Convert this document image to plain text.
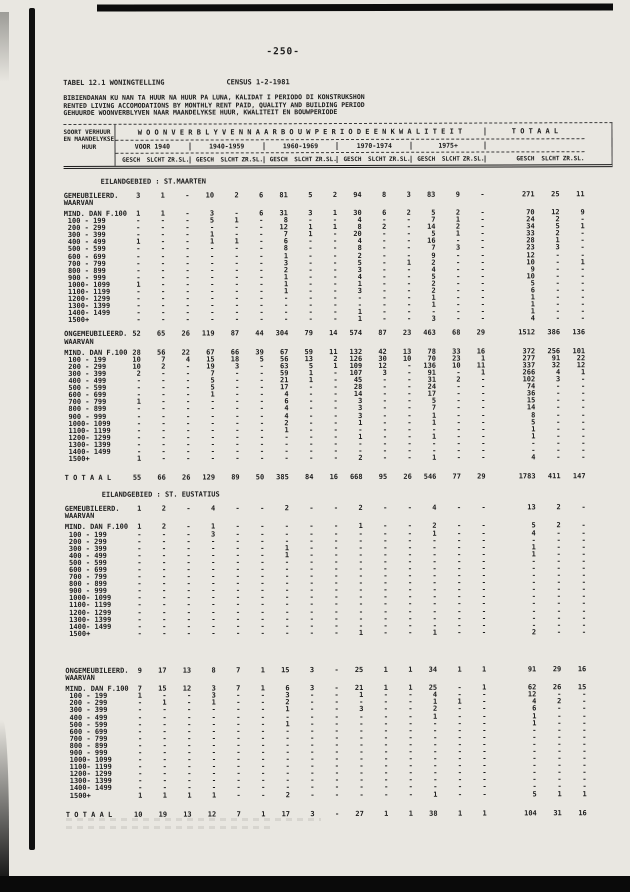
-250-
TABEL 12.1 WONINGTELLING	CENSUS 1-2-1981
BIBIENDANAN KU NAN TA HUUR NA HUUR PA LUNA, KALIDAT I PERIODO DI KONSTRUKSHON
RENTED LIVING ACCOMODATIONS BY MONTHLY RENT PAID, QUALITY AND BUILDING PERIOD
GEHUURDE WOONVERBLYVEN NAAR MAANDELYKSE HUUR, KWALITEIT EN BOUWPERIODE
SOORT VERHUUR
EN MAANDELYKSE
HUUR
W O O N V E R B L Y V E N N A A R B O U W P E R I O D E E N K W A L I T E I T	T O T A A L
VOOR 1940	1940-1959	1960-1969	1970-1974	1975+
GESCH	SLCHT ZR.SL.	GESCH	SLCHT ZR.SL.	GESCH	SLCHT ZR.SL.	GESCH	SLCHT ZR.SL.	GESCH	SLCHT ZR.SL.	GESCH	SLCHT ZR.SL.
EILANDGEBIED : ST.MAARTEN
GEMEUBILEERD.	3	1	-	10	2	6	81	5	2	94	8	3	83	9	-	271	25	11
WAARVAN
MIND. DAN F.100	1	1	-	3	-	6	31	3	1	30	6	2	5	2	-	70	12	9
100 - 199	-	-	-	5	1	-	8	-	-	4	-	-	7	1	-	24	2	-
200 - 299	-	-	-	-	-	-	12	1	1	8	2	-	14	2	-	34	5	1
300 - 399	-	-	-	1	-	-	7	1	-	20	-	-	5	1	-	33	2	-
400 - 499	1	-	-	1	1	-	6	-	-	4	-	-	16	-	-	28	1	-
500 - 599	-	-	-	-	-	-	8	-	-	8	-	-	7	3	-	23	3	-
600 - 699	-	-	-	-	-	-	1	-	-	2	-	-	9	-	-	12	-	-
700 - 799	-	-	-	-	-	-	3	-	-	5	-	1	2	-	-	10	-	1
800 - 899	-	-	-	-	-	-	2	-	-	3	-	-	4	-	-	9	-	-
900 - 999	-	-	-	-	-	-	1	-	-	4	-	-	5	-	-	10	-	-
1000- 1099	1	-	-	-	-	-	1	-	-	1	-	-	2	-	-	5	-	-
1100- 1199	-	-	-	-	-	-	1	-	-	3	-	-	2	-	-	6	-	-
1200- 1299	-	-	-	-	-	-	-	-	-	-	-	-	1	-	-	1	-	-
1300- 1399	-	-	-	-	-	-	-	-	-	-	-	-	1	-	-	1	-	-
1400- 1499	-	-	-	-	-	-	-	-	-	1	-	-	-	-	-	1	-	-
1500+	-	-	-	-	-	-	-	-	-	1	-	-	3	-	-	4	-	-
ONGEMEUBILEERD. 52	65	26	119	87	44	304	79	14	574	87	23	463	68	29	1512	386	136
WAARVAN
MIND. DAN F.100 28	56	22	67	66	39	67	59	11	132	42	13	78	33	16	372	256	101
100 - 199	10	7	4	15	18	5	56	13	2	126	30	10	70	23	1	277	91	22
200 - 299	10	2	-	19	3	-	63	5	1	109	12	-	136	10	11	337	32	12
300 - 399	2	-	-	7	-	-	59	1	-	107	3	-	91	-	1	266	4	1
400 - 499	-	-	-	5	-	-	21	1	-	45	-	-	31	2	-	102	3	-
500 - 599	-	-	-	5	-	-	17	-	-	28	-	-	24	-	-	74	-	-
600 - 699	-	-	-	1	-	-	4	-	-	14	-	-	17	-	-	36	-	-
700 - 799	1	-	-	-	-	-	6	-	-	3	-	-	5	-	-	15	-	-
800 - 899	-	-	-	-	-	-	4	-	-	3	-	-	7	-	-	14	-	-
900 - 999	-	-	-	-	-	-	4	-	-	3	-	-	1	-	-	8	-	-
1000- 1099	-	-	-	-	-	-	2	-	-	1	-	-	1	-	-	5	-	-
1100- 1199	-	-	-	-	-	-	1	-	-	-	-	-	-	-	-	1	-	-
1200- 1299	-	-	-	-	-	-	-	-	-	1	-	-	1	-	-	1	-	-
1300- 1399	-	-	-	-	-	-	-	-	-	-	-	-	-	-	-	-	-	-
1400- 1499	-	-	-	-	-	-	-	-	-	-	-	-	-	-	-	-	-	-
1500+	1	-	-	-	-	-	-	-	-	2	-	-	1	-	-	4	-	-
T O T A A L	55	66	26	129	89	50	385	84	16	668	95	26	546	77	29	1783	411	147
EILANDGEBIED : ST. EUSTATIUS
GEMEUBILEERD.	1	2	-	4	-	-	2	-	-	2	-	-	4	-	-	13	2	-
WAARVAN
MIND. DAN F.100	1	2	-	1	-	-	-	-	-	1	-	-	2	-	-	5	2	-
100 - 199	-	-	-	3	-	-	-	-	-	-	-	-	1	-	-	4	-	-
200 - 299	-	-	-	-	-	-	-	-	-	-	-	-	-	-	-	-	-	-
300 - 399	-	-	-	-	-	-	1	-	-	-	-	-	-	-	-	1	-	-
400 - 499	-	-	-	-	-	-	1	-	-	-	-	-	-	-	-	1	-	-
500 - 599	-	-	-	-	-	-	-	-	-	-	-	-	-	-	-	-	-	-
600 - 699	-	-	-	-	-	-	-	-	-	-	-	-	-	-	-	-	-	-
700 - 799	-	-	-	-	-	-	-	-	-	-	-	-	-	-	-	-	-	-
800 - 899	-	-	-	-	-	-	-	-	-	-	-	-	-	-	-	-	-	-
900 - 999	-	-	-	-	-	-	-	-	-	-	-	-	-	-	-	-	-	-
1000- 1099	-	-	-	-	-	-	-	-	-	-	-	-	-	-	-	-	-	-
1100- 1199	-	-	-	-	-	-	-	-	-	-	-	-	-	-	-	-	-	-
1200- 1299	-	-	-	-	-	-	-	-	-	-	-	-	-	-	-	-	-	-
1300- 1399	-	-	-	-	-	-	-	-	-	-	-	-	-	-	-	-	-	-
1400- 1499	-	-	-	-	-	-	-	-	-	-	-	-	-	-	-	-	-	-
1500+	-	-	-	-	-	-	-	-	-	1	-	-	1	-	-	2	-	-
ONGEMEUBILEERD.	9	17	13	8	7	1	15	3	-	25	1	1	34	1	1	91	29	16
WAARVAN
MIND. DAN F.100	7	15	12	3	7	1	6	3	-	21	1	1	25	-	1	62	26	15
100 - 199	1	-	-	3	-	-	3	-	-	1	-	-	4	-	-	12	-	-
200 - 299	-	1	-	1	-	-	2	-	-	-	-	-	1	1	-	4	2	-
300 - 399	-	-	-	-	-	-	1	-	-	3	-	-	2	-	-	6	-	-
400 - 499	-	-	-	-	-	-	-	-	-	-	-	-	1	-	-	1	-	-
500 - 599	-	-	-	-	-	-	1	-	-	-	-	-	-	-	-	1	-	-
600 - 699	-	-	-	-	-	-	-	-	-	-	-	-	-	-	-	-	-	-
700 - 799	-	-	-	-	-	-	-	-	-	-	-	-	-	-	-	-	-	-
800 - 899	-	-	-	-	-	-	-	-	-	-	-	-	-	-	-	-	-	-
900 - 999	-	-	-	-	-	-	-	-	-	-	-	-	-	-	-	-	-	-
1000- 1099	-	-	-	-	-	-	-	-	-	-	-	-	-	-	-	-	-	-
1100- 1199	-	-	-	-	-	-	-	-	-	-	-	-	-	-	-	-	-	-
1200- 1299	-	-	-	-	-	-	-	-	-	-	-	-	-	-	-	-	-	-
1300- 1399	-	-	-	-	-	-	-	-	-	-	-	-	-	-	-	-	-	-
1400- 1499	-	-	-	-	-	-	-	-	-	-	-	-	-	-	-	-	-	-
1500+	1	1	1	1	-	-	2	-	-	-	-	-	1	-	-	5	1	1
T O T A A L	10	19	13	12	7	1	17	3	-	27	1	1	38	1	1	104	31	16
